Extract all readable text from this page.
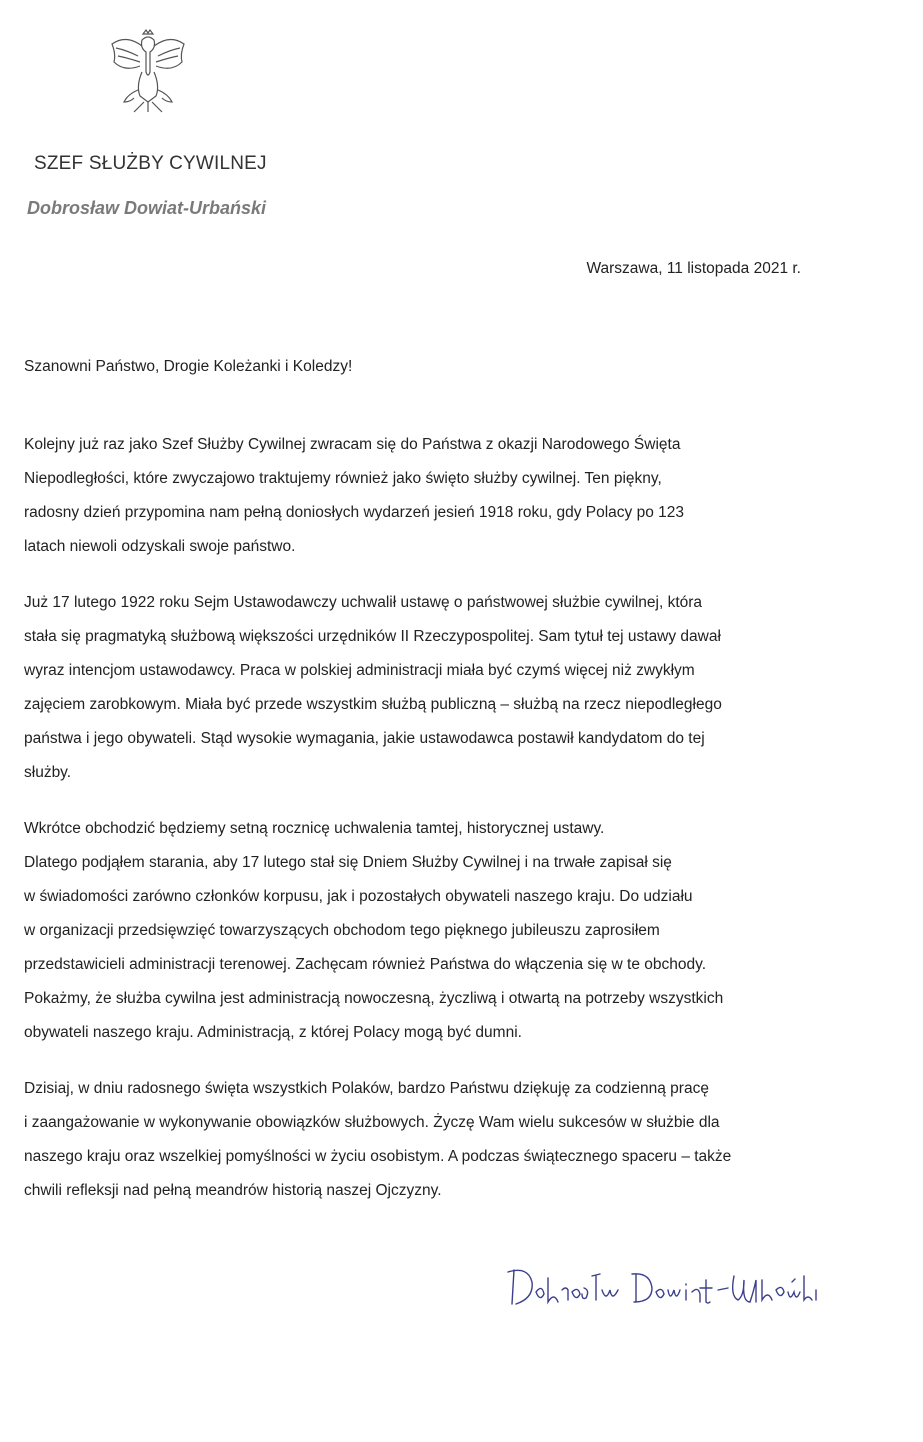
SZEF SŁUŻBY CYWILNEJ
Dobrosław Dowiat-Urbański
Warszawa, 11 listopada 2021 r.
Szanowni Państwo, Drogie Koleżanki i Koledzy!
Kolejny już raz jako Szef Służby Cywilnej zwracam się do Państwa z okazji Narodowego Święta
Niepodległości, które zwyczajowo traktujemy również jako święto służby cywilnej. Ten piękny,
radosny dzień przypomina nam pełną doniosłych wydarzeń jesień 1918 roku, gdy Polacy po 123
latach niewoli odzyskali swoje państwo.
Już 17 lutego 1922 roku Sejm Ustawodawczy uchwalił ustawę o państwowej służbie cywilnej, która
stała się pragmatyką służbową większości urzędników II Rzeczypospolitej. Sam tytuł tej ustawy dawał
wyraz intencjom ustawodawcy. Praca w polskiej administracji miała być czymś więcej niż zwykłym
zajęciem zarobkowym. Miała być przede wszystkim służbą publiczną – służbą na rzecz niepodległego
państwa i jego obywateli. Stąd wysokie wymagania, jakie ustawodawca postawił kandydatom do tej
służby.
Wkrótce obchodzić będziemy setną rocznicę uchwalenia tamtej, historycznej ustawy.
Dlatego podjąłem starania, aby 17 lutego stał się Dniem Służby Cywilnej i na trwałe zapisał się
w świadomości zarówno członków korpusu, jak i pozostałych obywateli naszego kraju. Do udziału
w organizacji przedsięwzięć towarzyszących obchodom tego pięknego jubileuszu zaprosiłem
przedstawicieli administracji terenowej. Zachęcam również Państwa do włączenia się w te obchody.
Pokażmy, że służba cywilna jest administracją nowoczesną, życzliwą i otwartą na potrzeby wszystkich
obywateli naszego kraju. Administracją, z której Polacy mogą być dumni.
Dzisiaj, w dniu radosnego święta wszystkich Polaków, bardzo Państwu dziękuję za codzienną pracę
i zaangażowanie w wykonywanie obowiązków służbowych. Życzę Wam wielu sukcesów w służbie dla
naszego kraju oraz wszelkiej pomyślności w życiu osobistym. A podczas świątecznego spaceru – także
chwili refleksji nad pełną meandrów historią naszej Ojczyzny.
